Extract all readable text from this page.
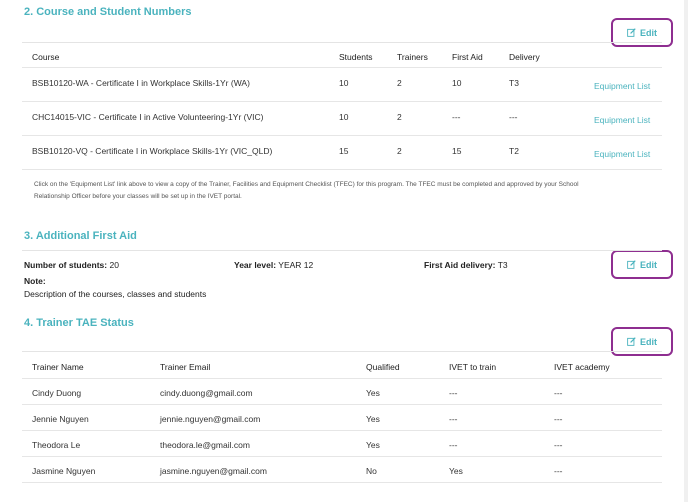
2. Course and Student Numbers
Edit
Course	Students	Trainers	First Aid	Delivery
BSB10120-WA - Certificate I in Workplace Skills-1Yr (WA)	10	2	10	T3	Equipment List
CHC14015-VIC - Certificate I in Active Volunteering-1Yr (VIC)	10	2	---	---	Equipment List
BSB10120-VQ - Certificate I in Workplace Skills-1Yr (VIC_QLD)	15	2	15	T2	Equipment List
Click on the 'Equipment List' link above to view a copy of the Trainer, Facilities and Equipment Checklist (TFEC) for this program. The TFEC must be completed and approved by your School
Relationship Officer before your classes will be set up in the IVET portal.
3. Additional First Aid
Edit
Number of students: 20	Year level: YEAR 12	First Aid delivery: T3
Note:
Description of the courses, classes and students
4. Trainer TAE Status
Edit
Trainer Name	Trainer Email	Qualified	IVET to train	IVET academy
Cindy Duong	cindy.duong@gmail.com	Yes	---	---
Jennie Nguyen	jennie.nguyen@gmail.com	Yes	---	---
Theodora Le	theodora.le@gmail.com	Yes	---	---
Jasmine Nguyen	jasmine.nguyen@gmail.com	No	Yes	---
